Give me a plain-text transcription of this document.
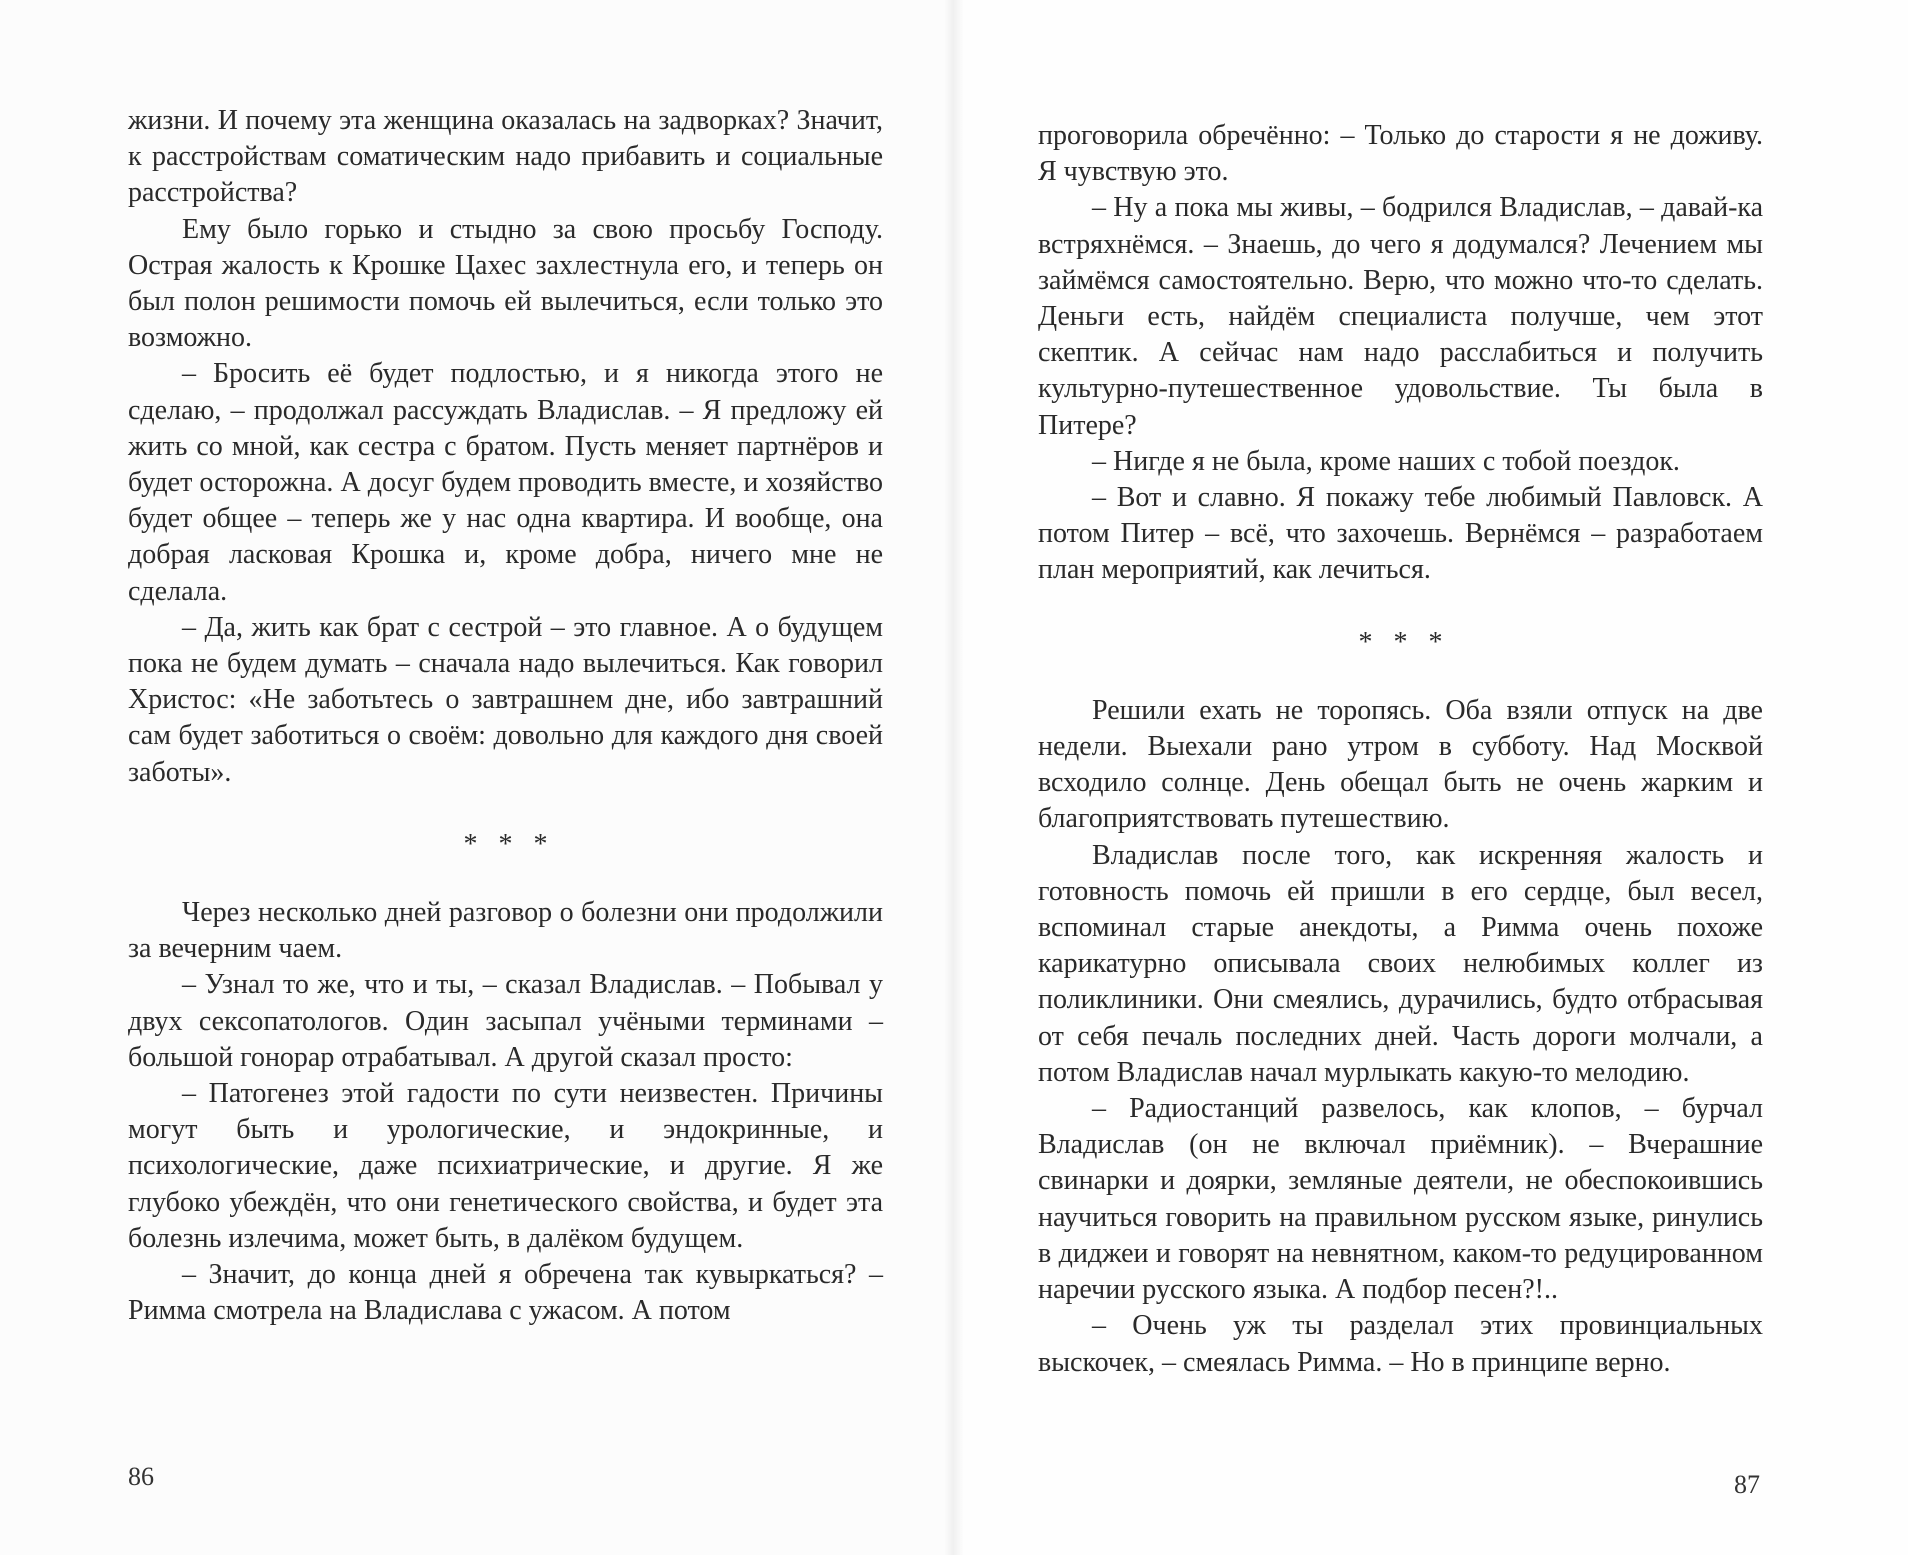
жизни. И почему эта женщина оказалась на задворках? Значит, к расстройствам соматическим надо прибавить и социальные расстройства?

Ему было горько и стыдно за свою просьбу Господу. Острая жалость к Крошке Цахес захлестнула его, и теперь он был полон решимости помочь ей вылечиться, если только это возможно.

– Бросить её будет подлостью, и я никогда этого не сделаю, – продолжал рассуждать Владислав. – Я предложу ей жить со мной, как сестра с братом. Пусть меняет партнёров и будет осторожна. А досуг будем проводить вместе, и хозяйство будет общее – теперь же у нас одна квартира. И вообще, она добрая ласковая Крошка и, кроме добра, ничего мне не сделала.

– Да, жить как брат с сестрой – это главное. А о будущем пока не будем думать – сначала надо вылечиться. Как говорил Христос: «Не заботьтесь о завтрашнем дне, ибо завтрашний сам будет заботиться о своём: довольно для каждого дня своей заботы».

* * *

Через несколько дней разговор о болезни они продолжили за вечерним чаем.

– Узнал то же, что и ты, – сказал Владислав. – Побывал у двух сексопатологов. Один засыпал учёными терминами – большой гонорар отрабатывал. А другой сказал просто:

– Патогенез этой гадости по сути неизвестен. Причины могут быть и урологические, и эндокринные, и психологические, даже психиатрические, и другие. Я же глубоко убеждён, что они генетического свойства, и будет эта болезнь излечима, может быть, в далёком будущем.

– Значит, до конца дней я обречена так кувыркаться? – Римма смотрела на Владислава с ужасом. А потом

86

проговорила обречённо: – Только до старости я не доживу. Я чувствую это.

– Ну а пока мы живы, – бодрился Владислав, – давай-ка встряхнёмся. – Знаешь, до чего я додумался? Лечением мы займёмся самостоятельно. Верю, что можно что-то сделать. Деньги есть, найдём специалиста получше, чем этот скептик. А сейчас нам надо расслабиться и получить культурно-путешественное удовольствие. Ты была в Питере?

– Нигде я не была, кроме наших с тобой поездок.

– Вот и славно. Я покажу тебе любимый Павловск. А потом Питер – всё, что захочешь. Вернёмся – разработаем план мероприятий, как лечиться.

* * *

Решили ехать не торопясь. Оба взяли отпуск на две недели. Выехали рано утром в субботу. Над Москвой всходило солнце. День обещал быть не очень жарким и благоприятствовать путешествию.

Владислав после того, как искренняя жалость и готовность помочь ей пришли в его сердце, был весел, вспоминал старые анекдоты, а Римма очень похоже карикатурно описывала своих нелюбимых коллег из поликлиники. Они смеялись, дурачились, будто отбрасывая от себя печаль последних дней. Часть дороги молчали, а потом Владислав начал мурлыкать какую-то мелодию.

– Радиостанций развелось, как клопов, – бурчал Владислав (он не включал приёмник). – Вчерашние свинарки и доярки, земляные деятели, не обеспокоившись научиться говорить на правильном русском языке, ринулись в диджеи и говорят на невнятном, каком-то редуцированном наречии русского языка. А подбор песен?!..

– Очень уж ты разделал этих провинциальных выскочек, – смеялась Римма. – Но в принципе верно.

87
